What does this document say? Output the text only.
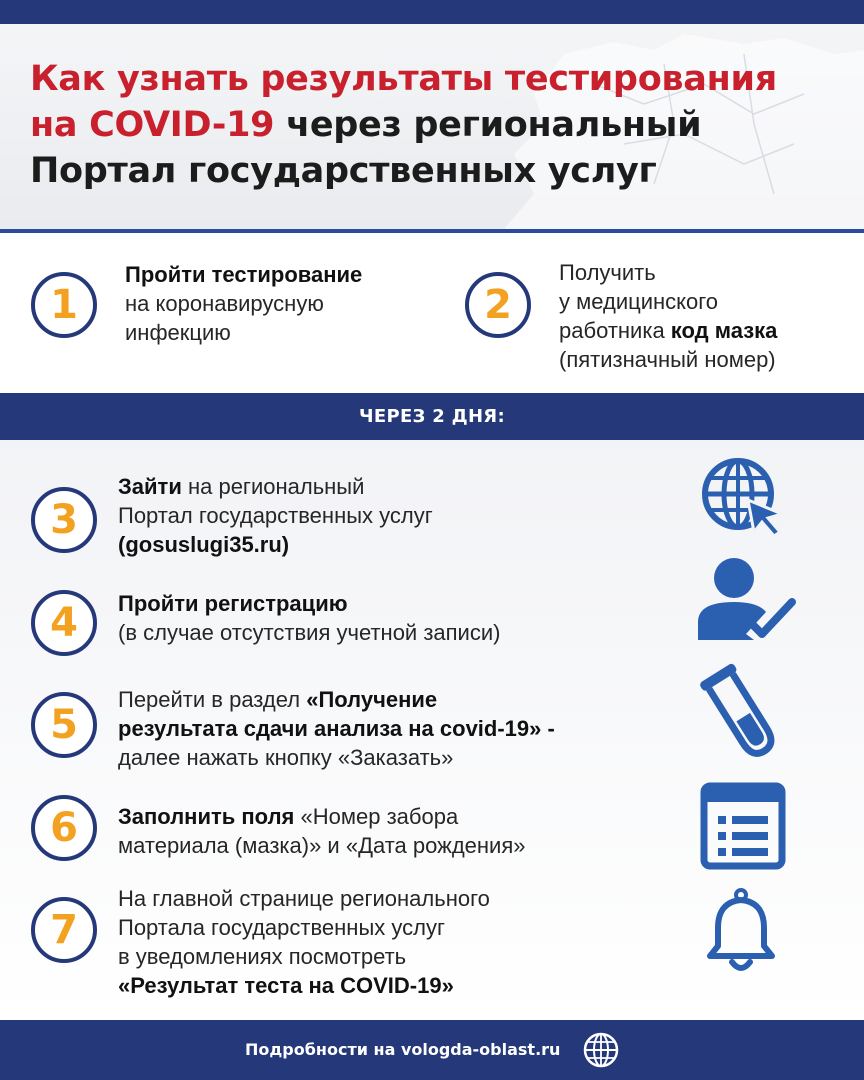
Как узнать результаты тестирования
на COVID-19 через региональный
Портал государственных услуг
1
Пройти тестирование
на коронавирусную
инфекцию
2
Получить
у медицинского
работника код мазка
(пятизначный номер)
ЧЕРЕЗ 2 ДНЯ:
3
Зайти на региональный
Портал государственных услуг
(gosuslugi35.ru)
4	Пройти регистрацию
(в случае отсутствия учетной записи)
5
Перейти в раздел «Получение
результата сдачи анализа на covid-19» -
далее нажать кнопку «Заказать»
6	Заполнить поля «Номер забора
материала (мазка)» и «Дата рождения»
7
На главной странице регионального
Портала государственных услуг
в уведомлениях посмотреть
«Результат теста на COVID-19»
Подробности на vologda-oblast.ru
